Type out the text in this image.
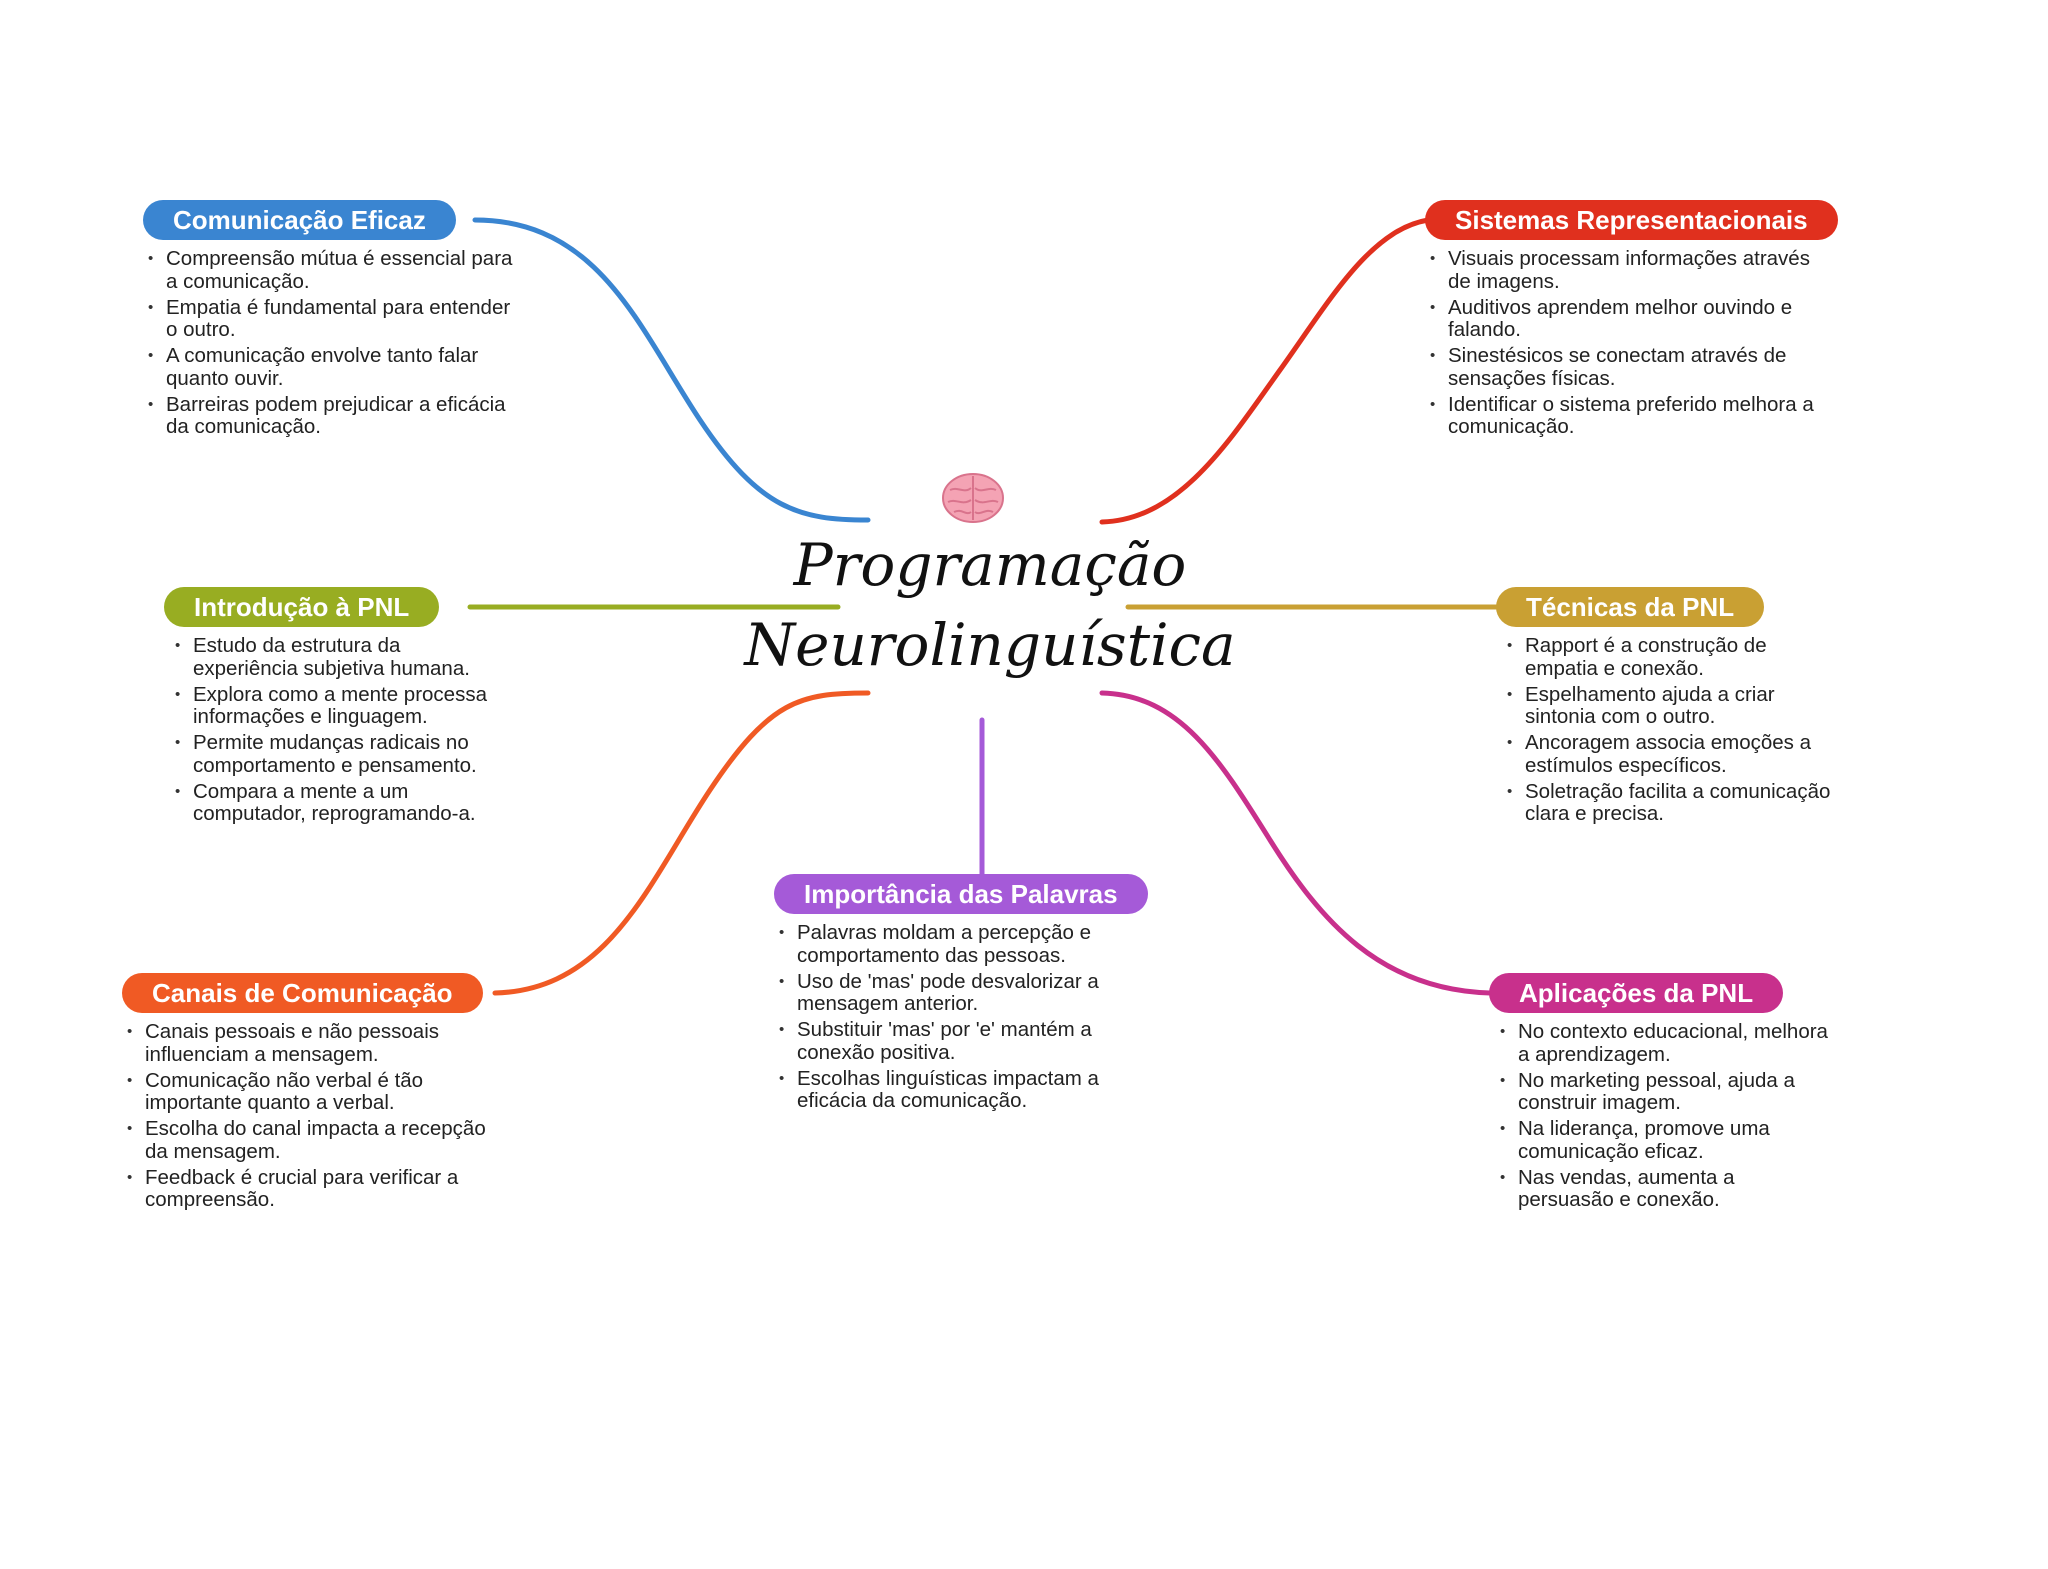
Programação
Neurolinguística
Comunicação Eficaz
• Compreensão mútua é essencial para a comunicação.
• Empatia é fundamental para entender o outro.
• A comunicação envolve tanto falar quanto ouvir.
• Barreiras podem prejudicar a eficácia da comunicação.
Introdução à PNL
• Estudo da estrutura da experiência subjetiva humana.
• Explora como a mente processa informações e linguagem.
• Permite mudanças radicais no comportamento e pensamento.
• Compara a mente a um computador, reprogramando-a.
Canais de Comunicação
• Canais pessoais e não pessoais influenciam a mensagem.
• Comunicação não verbal é tão importante quanto a verbal.
• Escolha do canal impacta a recepção da mensagem.
• Feedback é crucial para verificar a compreensão.
Importância das Palavras
• Palavras moldam a percepção e comportamento das pessoas.
• Uso de 'mas' pode desvalorizar a mensagem anterior.
• Substituir 'mas' por 'e' mantém a conexão positiva.
• Escolhas linguísticas impactam a eficácia da comunicação.
Sistemas Representacionais
• Visuais processam informações através de imagens.
• Auditivos aprendem melhor ouvindo e falando.
• Sinestésicos se conectam através de sensações físicas.
• Identificar o sistema preferido melhora a comunicação.
Técnicas da PNL
• Rapport é a construção de empatia e conexão.
• Espelhamento ajuda a criar sintonia com o outro.
• Ancoragem associa emoções a estímulos específicos.
• Soletração facilita a comunicação clara e precisa.
Aplicações da PNL
• No contexto educacional, melhora a aprendizagem.
• No marketing pessoal, ajuda a construir imagem.
• Na liderança, promove uma comunicação eficaz.
• Nas vendas, aumenta a persuasão e conexão.
